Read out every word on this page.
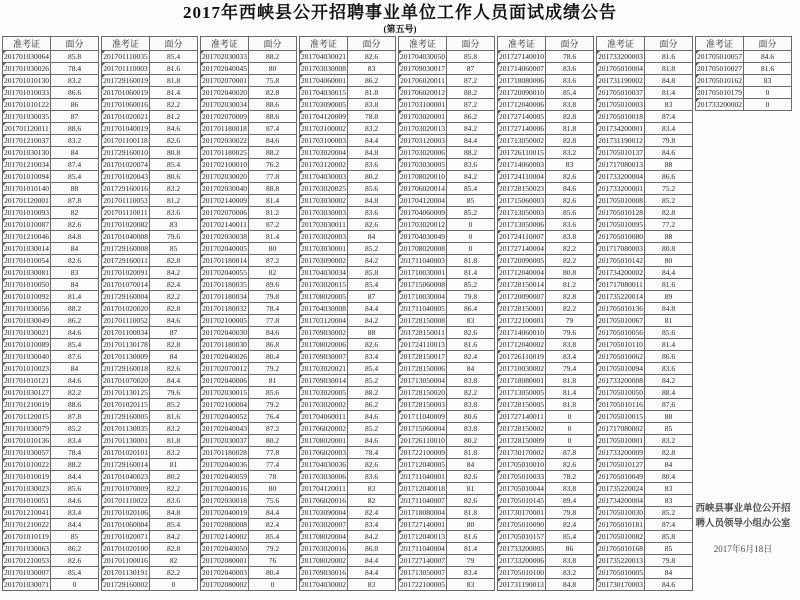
2017年西峡县公开招聘事业单位工作人员面试成绩公告
(第五号)
准考证	面分
201701030064	85.8
201701030026	78.4
201701010130	83.2
201701010033	86.6
201701010122	86
201701030035	87
201701120011	88.6
201701210037	83.2
201701030130	84
201701210034	87.4
201701010094	85.4
201701010140	88
201701120001	87.8
201701010093	82
201701010087	82.6
201701210046	84.8
201701030014	84
201701010054	82.6
201701030081	83
201701010050	84
201701010092	81.4
201701030056	88.2
201701030049	86.2
201701030021	84.6
201701010089	85.4
201701030040	87.6
201701010023	84
201701010121	84.6
201701030127	82.2
201701210019	88.6
201701120015	87.8
201701030079	85.2
201701010136	83.4
201701030057	78.4
201701010022	88.2
201701010019	84.4
201701030023	85.6
201701010051	84.6
201701210041	83.4
201701210022	84.4
201701010119	85
201701030063	86.2
201701210053	82.6
201701030007	85.4
201701030071	0
准考证	面分
201701110035	85.4
201701110003	81.6
201729160019	81.8
201701060019	81.4
201701060016	82.2
201701020021	81.2
201701040019	84.6
201701100118	82.6
201729160010	80.8
201701020074	85.4
201701020043	80.6
201729160016	83.2
201701110053	81.2
201701110011	83.6
201701020082	83
201701040008	79.6
201729160008	85
201729160011	82.8
201701020091	84.2
201701070014	82.4
201729160004	82.2
201701020020	82.8
201701110052	84.6
201701100034	87
201701130178	82.8
201701130009	84
201729160018	82.6
201701070020	84.4
201701130125	79.6
201701020115	85.2
201729160005	81.6
201701130035	83.2
201701130001	81.8
201701020101	83.2
201729160014	81
201701040023	80.2
201701070009	82.2
201701110022	83.6
201701020106	84.8
201701060004	85.4
201701020071	84.2
201701020100	82.8
201701100016	82
201701130191	82.2
201729160002	0
准考证	面分
201702030033	88.2
201702040045	80
201702070001	75.8
201702040020	82.8
201702030034	88.6
201702070009	88.6
201701180018	87.4
201702030022	84.6
201701180025	88.2
201702100010	76.2
201702030020	77.8
201702030040	88.8
201702140009	81.4
201702070006	81.2
201702140011	87.2
201702030038	81.4
201702040005	80
201701180014	87.2
201702040055	82
201701180035	89.6
201701180034	79.8
201701180032	78.4
201702100005	77.8
201702040030	84.6
201701180030	86.8
201702040026	80.4
201702070012	79.2
201702040006	81
201702030015	85.6
201702100004	79.2
201702040052	76.4
201702040043	87.2
201702030037	80.2
201701180028	77.8
201702040036	77.4
201702040059	78
201702040016	80
201702030018	75.6
201702040019	84.4
201702080008	82.4
201702140002	85.4
201702040050	79.2
201702080001	76
201702040003	80.4
201702080002	0
准考证	面分
201704030021	82.6
201703030008	83
201704060001	86.2
201704030015	81.8
201703090005	83.8
201704120009	78.8
201703100002	83.2
201703100003	84.4
201703020004	84.8
201703120002	83.6
201704030003	80.2
201703020025	85.6
201703030002	84.8
201703030003	83.6
201703030011	82.6
201703020003	84
201703030001	85.2
201703090002	84.2
201704030034	85.8
201703020015	85.4
201708020005	87
201704030008	84.4
201703120004	84.2
201709030002	88
201708020006	82.6
201709030007	83.4
201703020021	85.4
201709030014	85.2
201703020005	88.2
201703020002	86.2
201704060011	84.6
201706020002	85.2
201708020001	84.6
201706020003	78.4
201704030036	82.6
201703030006	83.6
201704120011	83
201706020016	82
201703090004	82.4
201703020007	83.4
201708020004	84.2
201703020016	86.8
201708020002	84.4
201709030016	84.4
201704030002	83
准考证	面分
201704030050	85.8
201709030017	87
201706020011	87.2
201706020012	88.2
201703100001	87.2
201703020001	86.2
201703020013	84.2
201703120003	84.4
201703020006	88.2
201703030005	83.6
201708020010	84.2
201706020014	85.4
201704120004	85
201704060009	85.2
201703020012	0
201704030049	0
201708020008	0
201711040003	81.8
201710030001	81.4
201715060008	85.2
201710030004	79.8
201711040005	86.4
201728150008	83
201728150011	82.6
201724110013	81.6
201728150017	82.4
201728150006	84
201713050004	83.8
201728150020	82.2
201728150003	83.8
201711040009	80.6
201715060004	83.8
201726110010	80.2
201722100009	81.8
201712040005	84
201711040001	82.6
201712040018	81
201711040007	82.6
201718080004	81.8
201727140001	80
201712040013	81.6
201711040004	81.4
201727140007	79
201713050007	83.4
201722100005	83
准考证	面分
201727140010	78.6
201714060007	83.6
201718080006	83.6
201720090010	85.4
201712040006	83.8
201727140005	82.8
201727140006	81.8
201713050002	82.8
201726110015	83.2
201714060003	83
201724110004	82.6
201728150023	84.6
201715060003	82.6
201713050003	85.6
201713050006	83.6
201724110007	83.8
201727140004	82.2
201720090005	82.2
201712040004	80.8
201728150014	81.2
201720090007	82.8
201728150001	82.2
201722100001	79
201714060010	79.6
201712040002	83.8
201726110019	83.4
201710030002	79.4
201718080001	81.8
201713050005	81.4
201728150005	81.8
201727140011	0
201728150002	0
201728150009	0
201730170002	87.8
201705010010	82.6
201705010033	78.2
201705010044	83.8
201705010145	89.4
201730170001	79.8
201705010090	82.4
201705010157	85.4
201733200005	86
201733200006	83.8
201705010100	83.2
201731190013	84.8
准考证	面分
201733200003	81.6
201705010004	81.8
201731190002	84.8
201705010037	81.4
201705010003	83
201705010018	87.4
201734200001	83.4
201731190012	79.8
201705010137	84.6
201717080013	88
201733200004	86.6
201733200001	75.2
201705010008	85.2
201705010128	82.8
201705010095	77.2
201705010080	88
201717080003	80.8
201705010142	80
201734200002	84.4
201717080011	81.6
201735220014	89
201705010136	84.8
201705010067	81
201705010056	85.6
201705010110	81.4
201705010062	86.6
201705010094	83.6
201733200008	84.2
201705010050	88.4
201705010116	87.6
201705010015	88
201717080002	85
201705010001	83.2
201733200009	82.8
201705010127	84
201705010049	80.4
201735220024	83
201734200004	83
201705010030	85.2
201705010181	87.4
201705010082	85.8
201705010168	85
201735220013	79.8
201705010005	84
201730170003	84.6
准考证	面分
201705010057	84.6
201705010027	81.6
201705010162	83
201705010179	0
201733200002	0
西峡县事业单位公开招
聘人员领导小组办公室
2017年6月18日
